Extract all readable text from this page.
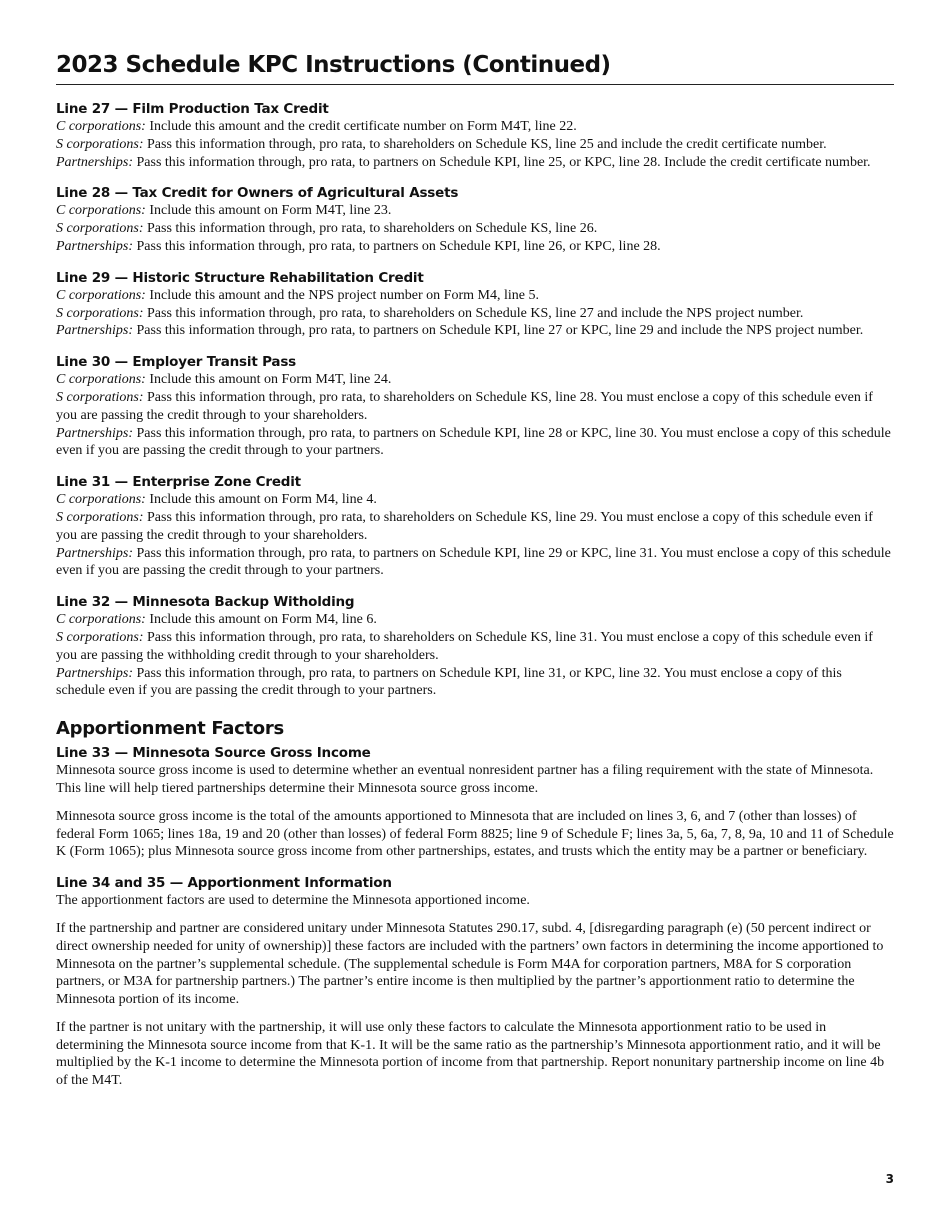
2023 Schedule KPC Instructions (Continued)
Line 27 — Film Production Tax Credit

C corporations: Include this amount and the credit certificate number on Form M4T, line 22.

S corporations: Pass this information through, pro rata, to shareholders on Schedule KS, line 25 and include the credit certificate number.

Partnerships: Pass this information through, pro rata, to partners on Schedule KPI, line 25, or KPC, line 28. Include the credit certificate number.

Line 28 — Tax Credit for Owners of Agricultural Assets

C corporations: Include this amount on Form M4T, line 23.

S corporations: Pass this information through, pro rata, to shareholders on Schedule KS, line 26.

Partnerships: Pass this information through, pro rata, to partners on Schedule KPI, line 26, or KPC, line 28.

Line 29 — Historic Structure Rehabilitation Credit

C corporations: Include this amount and the NPS project number on Form M4, line 5.

S corporations: Pass this information through, pro rata, to shareholders on Schedule KS, line 27 and include the NPS project number.

Partnerships: Pass this information through, pro rata, to partners on Schedule KPI, line 27 or KPC, line 29 and include the NPS project number.

Line 30 — Employer Transit Pass

C corporations: Include this amount on Form M4T, line 24.

S corporations: Pass this information through, pro rata, to shareholders on Schedule KS, line 28. You must enclose a copy of this schedule even if you are passing the credit through to your shareholders.

Partnerships: Pass this information through, pro rata, to partners on Schedule KPI, line 28 or KPC, line 30. You must enclose a copy of this schedule even if you are passing the credit through to your partners.

Line 31 — Enterprise Zone Credit

C corporations: Include this amount on Form M4, line 4.

S corporations: Pass this information through, pro rata, to shareholders on Schedule KS, line 29. You must enclose a copy of this schedule even if you are passing the credit through to your shareholders.

Partnerships: Pass this information through, pro rata, to partners on Schedule KPI, line 29 or KPC, line 31. You must enclose a copy of this schedule even if you are passing the credit through to your partners.

Line 32 — Minnesota Backup Witholding

C corporations: Include this amount on Form M4, line 6.

S corporations: Pass this information through, pro rata, to shareholders on Schedule KS, line 31. You must enclose a copy of this schedule even if you are passing the withholding credit through to your shareholders.

Partnerships: Pass this information through, pro rata, to partners on Schedule KPI, line 31, or KPC, line 32. You must enclose a copy of this schedule even if you are passing the credit through to your partners.

Apportionment Factors
Line 33 — Minnesota Source Gross Income

Minnesota source gross income is used to determine whether an eventual nonresident partner has a filing requirement with the state of Minnesota. This line will help tiered partnerships determine their Minnesota source gross income.

Minnesota source gross income is the total of the amounts apportioned to Minnesota that are included on lines 3, 6, and 7 (other than losses) of federal Form 1065; lines 18a, 19 and 20 (other than losses) of federal Form 8825; line 9 of Schedule F; lines 3a, 5, 6a, 7, 8, 9a, 10 and 11 of Schedule K (Form 1065); plus Minnesota source gross income from other partnerships, estates, and trusts which the entity may be a partner or beneficiary.

Line 34 and 35 — Apportionment Information

The apportionment factors are used to determine the Minnesota apportioned income.

If the partnership and partner are considered unitary under Minnesota Statutes 290.17, subd. 4, [disregarding paragraph (e) (50 percent indirect or direct ownership needed for unity of ownership)] these factors are included with the partners’ own factors in determining the income apportioned to Minnesota on the partner’s supplemental schedule. (The supplemental schedule is Form M4A for corporation partners, M8A for S corporation partners, or M3A for partnership partners.) The partner’s entire income is then multiplied by the partner’s apportionment ratio to determine the Minnesota portion of its income.

If the partner is not unitary with the partnership, it will use only these factors to calculate the Minnesota apportionment ratio to be used in determining the Minnesota source income from that K-1. It will be the same ratio as the partnership’s Minnesota apportionment ratio, and it will be multiplied by the K-1 income to determine the Minnesota portion of income from that partnership. Report nonunitary partnership income on line 4b of the M4T.

3
